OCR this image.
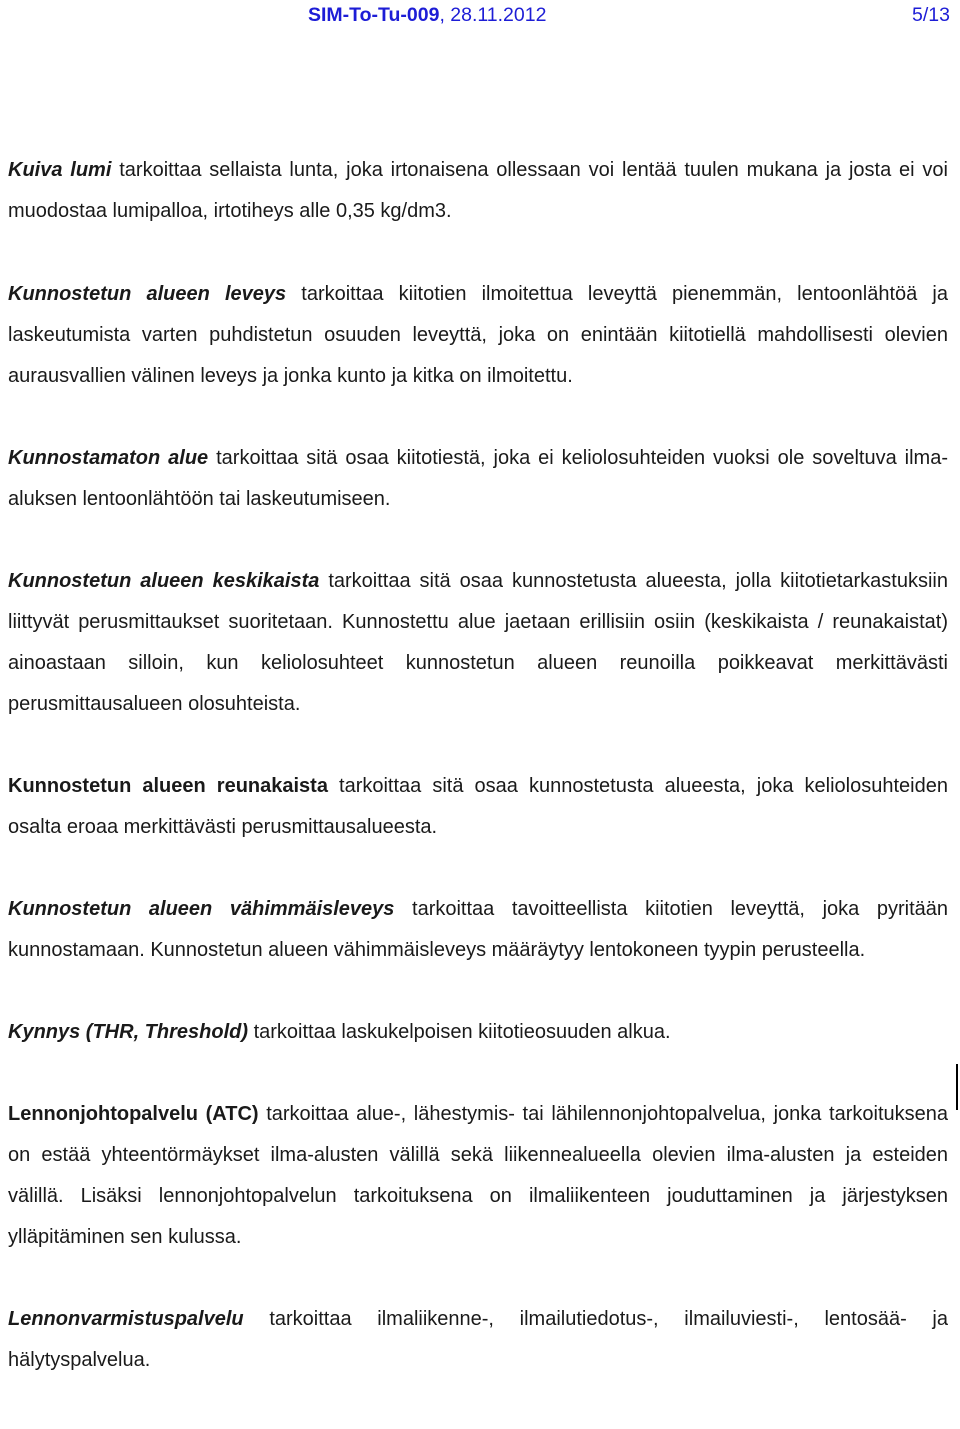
SIM-To-Tu-009, 28.11.2012	5/13

Kuiva lumi tarkoittaa sellaista lunta, joka irtonaisena ollessaan voi lentää tuulen mukana ja josta ei voi muodostaa lumipalloa, irtotiheys alle 0,35 kg/dm3.

Kunnostetun alueen leveys tarkoittaa kiitotien ilmoitettua leveyttä pienemmän, lentoonlähtöä ja laskeutumista varten puhdistetun osuuden leveyttä, joka on enintään kiitotiellä mahdollisesti olevien aurausvallien välinen leveys ja jonka kunto ja kitka on ilmoitettu.

Kunnostamaton alue tarkoittaa sitä osaa kiitotiestä, joka ei keliolosuhteiden vuoksi ole soveltuva ilma-aluksen lentoonlähtöön tai laskeutumiseen.

Kunnostetun alueen keskikaista tarkoittaa sitä osaa kunnostetusta alueesta, jolla kiitotietarkastuksiin liittyvät perusmittaukset suoritetaan. Kunnostettu alue jaetaan erillisiin osiin (keskikaista / reunakaistat) ainoastaan silloin, kun keliolosuhteet kunnostetun alueen reunoilla poikkeavat merkittävästi perusmittausalueen olosuhteista.

Kunnostetun alueen reunakaista tarkoittaa sitä osaa kunnostetusta alueesta, joka keliolosuhteiden osalta eroaa merkittävästi perusmittausalueesta.

Kunnostetun alueen vähimmäisleveys tarkoittaa tavoitteellista kiitotien leveyttä, joka pyritään kunnostamaan. Kunnostetun alueen vähimmäisleveys määräytyy lentokoneen tyypin perusteella.

Kynnys (THR, Threshold) tarkoittaa laskukelpoisen kiitotieosuuden alkua.

Lennonjohtopalvelu (ATC) tarkoittaa alue-, lähestymis- tai lähilennonjohtopalvelua, jonka tarkoituksena on estää yhteentörmäykset ilma-alusten välillä sekä liikennealueella olevien ilma-alusten ja esteiden välillä. Lisäksi lennonjohtopalvelun tarkoituksena on ilmaliikenteen jouduttaminen ja järjestyksen ylläpitäminen sen kulussa.

Lennonvarmistuspalvelu tarkoittaa ilmaliikenne-, ilmailutiedotus-, ilmailuviesti-, lentosää- ja hälytyspalvelua.
